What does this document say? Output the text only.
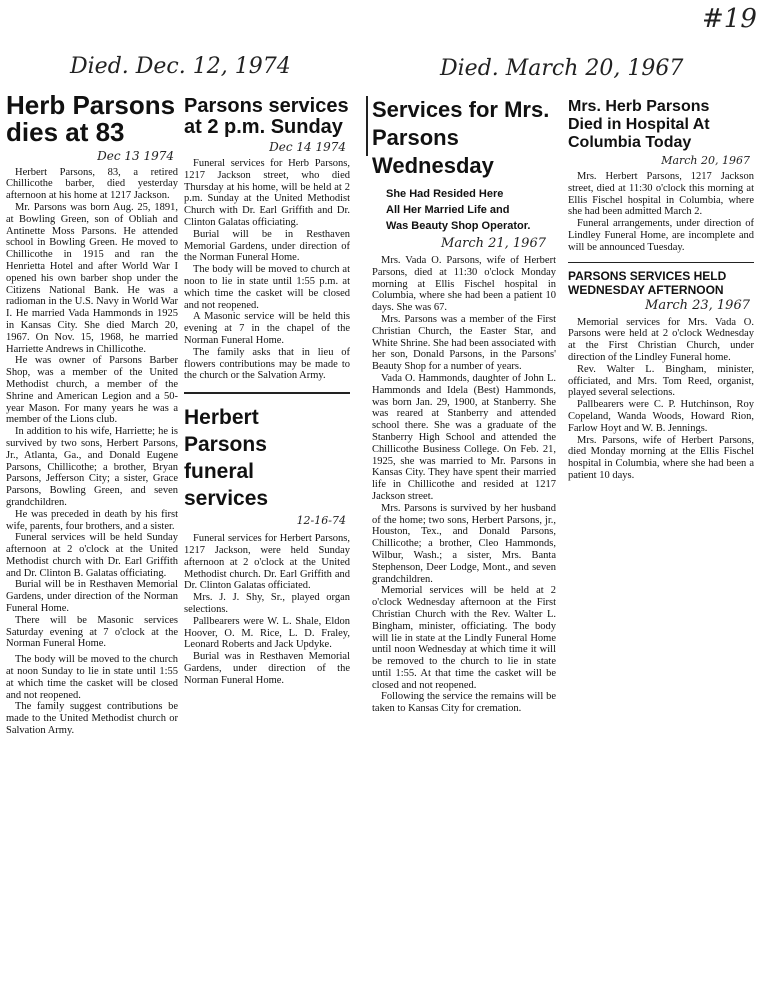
#19
Died. Dec. 12, 1974	Died. March 20, 1967
Herb Parsons dies at 83
Dec 13 1974

Herbert Parsons, 83, a retired Chillicothe barber, died yesterday afternoon at his home at 1217 Jackson.

Mr. Parsons was born Aug. 25, 1891, at Bowling Green, son of Obliah and Antinette Moss Parsons. He attended school in Bowling Green. He moved to Chillicothe in 1915 and ran the Henrietta Hotel and after World War I opened his own barber shop under the Citizens National Bank. He was a radioman in the U.S. Navy in World War I. He married Vada Hammonds in 1925 in Kansas City. She died March 20, 1967. On Nov. 15, 1968, he married Harriette Andrews in Chillicothe.

He was owner of Parsons Barber Shop, was a member of the United Methodist church, a member of the Shrine and American Legion and a 50-year Mason. For many years he was a member of the Lions club.

In addition to his wife, Harriette; he is survived by two sons, Herbert Parsons, Jr., Atlanta, Ga., and Donald Eugene Parsons, Chillicothe; a brother, Bryan Parsons, Jefferson City; a sister, Grace Parsons, Bowling Green, and seven grandchildren.

He was preceded in death by his first wife, parents, four brothers, and a sister.

Funeral services will be held Sunday afternoon at 2 o'clock at the United Methodist church with Dr. Earl Griffith and Dr. Clinton B. Galatas officiating.

Burial will be in Resthaven Memorial Gardens, under direction of the Norman Funeral Home.

There will be Masonic services Saturday evening at 7 o'clock at the Norman Funeral Home.

The body will be moved to the church at noon Sunday to lie in state until 1:55 at which time the casket will be closed and not reopened.

The family suggest contributions be made to the United Methodist church or Salvation Army.

Parsons services at 2 p.m. Sunday
Dec 14 1974

Funeral services for Herb Parsons, 1217 Jackson street, who died Thursday at his home, will be held at 2 p.m. Sunday at the United Methodist Church with Dr. Earl Griffith and Dr. Clinton Galatas officiating.

Burial will be in Resthaven Memorial Gardens, under direction of the Norman Funeral Home.

The body will be moved to church at noon to lie in state until 1:55 p.m. at which time the casket will be closed and not reopened.

A Masonic service will be held this evening at 7 in the chapel of the Norman Funeral Home.

The family asks that in lieu of flowers contributions may be made to the church or the Salvation Army.

Herbert Parsons funeral services
12-16-74

Funeral services for Herbert Parsons, 1217 Jackson, were held Sunday afternoon at 2 o'clock at the United Methodist church. Dr. Earl Griffith and Dr. Clinton Galatas officiated.

Mrs. J. J. Shy, Sr., played organ selections.

Pallbearers were W. L. Shale, Eldon Hoover, O. M. Rice, L. D. Fraley, Leonard Roberts and Jack Updyke.

Burial was in Resthaven Memorial Gardens, under direction of the Norman Funeral Home.

Services for Mrs. Parsons Wednesday
She Had Resided Here
All Her Married Life and
Was Beauty Shop Operator.
March 21, 1967

Mrs. Vada O. Parsons, wife of Herbert Parsons, died at 11:30 o'clock Monday morning at Ellis Fischel hospital in Columbia, where she had been a patient 10 days. She was 67.

Mrs. Parsons was a member of the First Christian Church, the Easter Star, and White Shrine. She had been associated with her son, Donald Parsons, in the Parsons' Beauty Shop for a number of years.

Vada O. Hammonds, daughter of John L. Hammonds and Idela (Best) Hammonds, was born Jan. 29, 1900, at Stanberry. She was reared at Stanberry and attended school there. She was a graduate of the Stanberry High School and attended the Chillicothe Business College. On Feb. 21, 1925, she was married to Mr. Parsons in Kansas City. They have spent their married life in Chillicothe and resided at 1217 Jackson street.

Mrs. Parsons is survived by her husband of the home; two sons, Herbert Parsons, jr., Houston, Tex., and Donald Parsons, Chillicothe; a brother, Cleo Hammonds, Wilbur, Wash.; a sister, Mrs. Banta Stephenson, Deer Lodge, Mont., and seven grandchildren.

Memorial services will be held at 2 o'clock Wednesday afternoon at the First Christian Church with the Rev. Walter L. Bingham, minister, officiating. The body will lie in state at the Lindly Funeral Home until noon Wednesday at which time it will be removed to the church to lie in state until 1:55. At that time the casket will be closed and not reopened.

Following the service the remains will be taken to Kansas City for cremation.

Mrs. Herb Parsons Died in Hospital At Columbia Today
March 20, 1967

Mrs. Herbert Parsons, 1217 Jackson street, died at 11:30 o'clock this morning at Ellis Fischel hospital in Columbia, where she had been admitted March 2.

Funeral arrangements, under direction of Lindley Funeral Home, are incomplete and will be announced Tuesday.

PARSONS SERVICES HELD WEDNESDAY AFTERNOON
March 23, 1967

Memorial services for Mrs. Vada O. Parsons were held at 2 o'clock Wednesday at the First Christian Church, under direction of the Lindley Funeral home.

Rev. Walter L. Bingham, minister, officiated, and Mrs. Tom Reed, organist, played several selections.

Pallbearers were C. P. Hutchinson, Roy Copeland, Wanda Woods, Howard Rion, Farlow Hoyt and W. B. Jennings.

Mrs. Parsons, wife of Herbert Parsons, died Monday morning at the Ellis Fischel hospital in Columbia, where she had been a patient 10 days.
